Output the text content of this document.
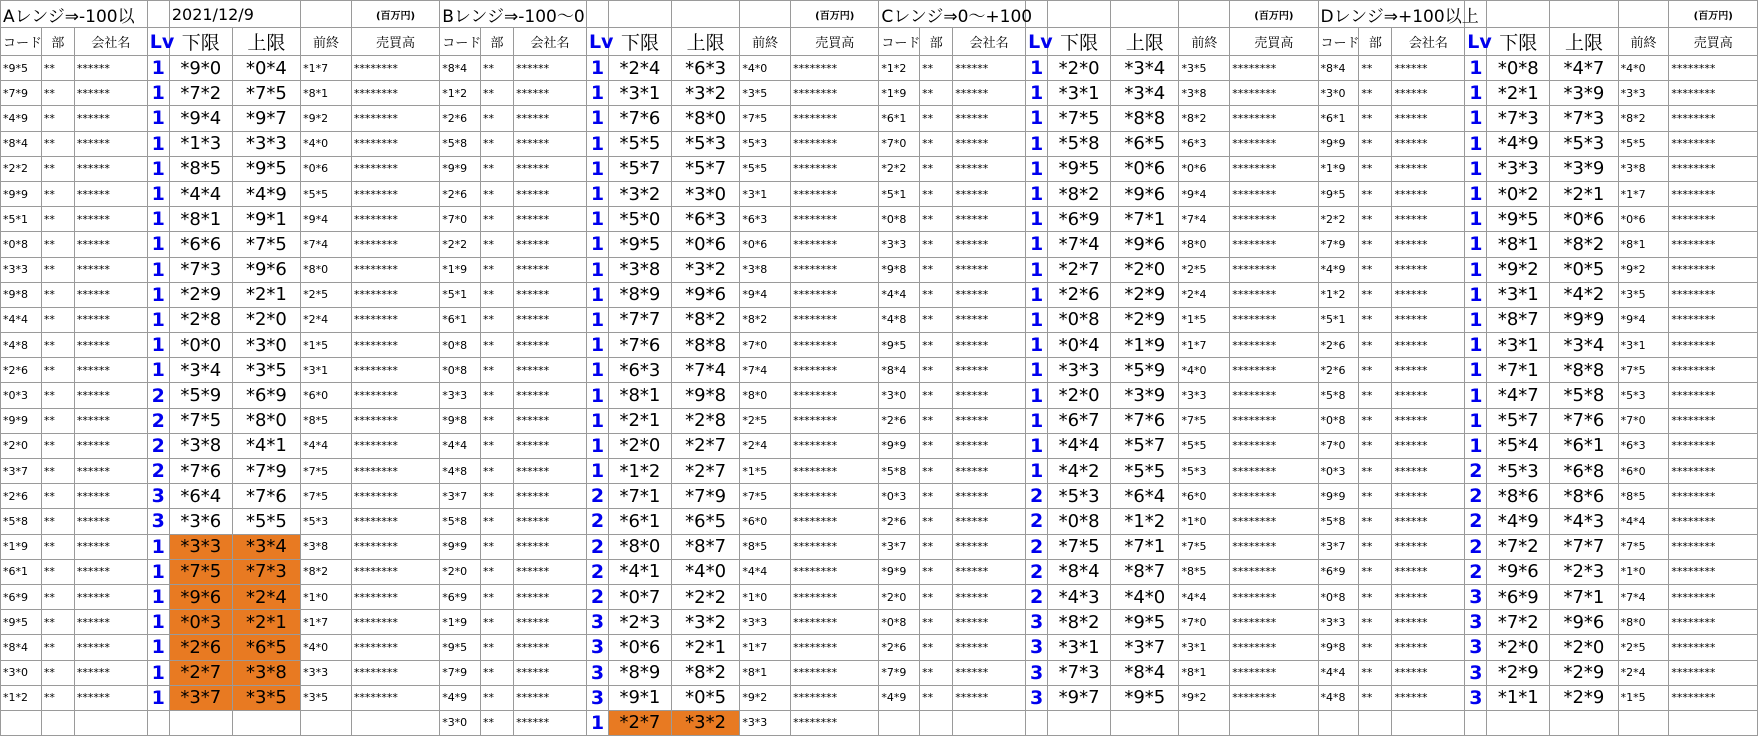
Aレンジ⇒-100以				2021/12/9			(百万円)	Bレンジ⇒-100〜0							(百万円)	Cレンジ⇒0〜+100							(百万円)	Dレンジ⇒+100以上							(百万円)
コード	部	会社名	Lv	下限	上限	前終	売買高	コード	部	会社名	Lv	下限	上限	前終	売買高	コード	部	会社名	Lv	下限	上限	前終	売買高	コード	部	会社名	Lv	下限	上限	前終	売買高
*9*5	**	******	1	*9*0	*0*4	*1*7	********	*8*4	**	******	1	*2*4	*6*3	*4*0	********	*1*2	**	******	1	*2*0	*3*4	*3*5	********	*8*4	**	******	1	*0*8	*4*7	*4*0	********
*7*9	**	******	1	*7*2	*7*5	*8*1	********	*1*2	**	******	1	*3*1	*3*2	*3*5	********	*1*9	**	******	1	*3*1	*3*4	*3*8	********	*3*0	**	******	1	*2*1	*3*9	*3*3	********
*4*9	**	******	1	*9*4	*9*7	*9*2	********	*2*6	**	******	1	*7*6	*8*0	*7*5	********	*6*1	**	******	1	*7*5	*8*8	*8*2	********	*6*1	**	******	1	*7*3	*7*3	*8*2	********
*8*4	**	******	1	*1*3	*3*3	*4*0	********	*5*8	**	******	1	*5*5	*5*3	*5*3	********	*7*0	**	******	1	*5*8	*6*5	*6*3	********	*9*9	**	******	1	*4*9	*5*3	*5*5	********
*2*2	**	******	1	*8*5	*9*5	*0*6	********	*9*9	**	******	1	*5*7	*5*7	*5*5	********	*2*2	**	******	1	*9*5	*0*6	*0*6	********	*1*9	**	******	1	*3*3	*3*9	*3*8	********
*9*9	**	******	1	*4*4	*4*9	*5*5	********	*2*6	**	******	1	*3*2	*3*0	*3*1	********	*5*1	**	******	1	*8*2	*9*6	*9*4	********	*9*5	**	******	1	*0*2	*2*1	*1*7	********
*5*1	**	******	1	*8*1	*9*1	*9*4	********	*7*0	**	******	1	*5*0	*6*3	*6*3	********	*0*8	**	******	1	*6*9	*7*1	*7*4	********	*2*2	**	******	1	*9*5	*0*6	*0*6	********
*0*8	**	******	1	*6*6	*7*5	*7*4	********	*2*2	**	******	1	*9*5	*0*6	*0*6	********	*3*3	**	******	1	*7*4	*9*6	*8*0	********	*7*9	**	******	1	*8*1	*8*2	*8*1	********
*3*3	**	******	1	*7*3	*9*6	*8*0	********	*1*9	**	******	1	*3*8	*3*2	*3*8	********	*9*8	**	******	1	*2*7	*2*0	*2*5	********	*4*9	**	******	1	*9*2	*0*5	*9*2	********
*9*8	**	******	1	*2*9	*2*1	*2*5	********	*5*1	**	******	1	*8*9	*9*6	*9*4	********	*4*4	**	******	1	*2*6	*2*9	*2*4	********	*1*2	**	******	1	*3*1	*4*2	*3*5	********
*4*4	**	******	1	*2*8	*2*0	*2*4	********	*6*1	**	******	1	*7*7	*8*2	*8*2	********	*4*8	**	******	1	*0*8	*2*9	*1*5	********	*5*1	**	******	1	*8*7	*9*9	*9*4	********
*4*8	**	******	1	*0*0	*3*0	*1*5	********	*0*8	**	******	1	*7*6	*8*8	*7*0	********	*9*5	**	******	1	*0*4	*1*9	*1*7	********	*2*6	**	******	1	*3*1	*3*4	*3*1	********
*2*6	**	******	1	*3*4	*3*5	*3*1	********	*0*8	**	******	1	*6*3	*7*4	*7*4	********	*8*4	**	******	1	*3*3	*5*9	*4*0	********	*2*6	**	******	1	*7*1	*8*8	*7*5	********
*0*3	**	******	2	*5*9	*6*9	*6*0	********	*3*3	**	******	1	*8*1	*9*8	*8*0	********	*3*0	**	******	1	*2*0	*3*9	*3*3	********	*5*8	**	******	1	*4*7	*5*8	*5*3	********
*9*9	**	******	2	*7*5	*8*0	*8*5	********	*9*8	**	******	1	*2*1	*2*8	*2*5	********	*2*6	**	******	1	*6*7	*7*6	*7*5	********	*0*8	**	******	1	*5*7	*7*6	*7*0	********
*2*0	**	******	2	*3*8	*4*1	*4*4	********	*4*4	**	******	1	*2*0	*2*7	*2*4	********	*9*9	**	******	1	*4*4	*5*7	*5*5	********	*7*0	**	******	1	*5*4	*6*1	*6*3	********
*3*7	**	******	2	*7*6	*7*9	*7*5	********	*4*8	**	******	1	*1*2	*2*7	*1*5	********	*5*8	**	******	1	*4*2	*5*5	*5*3	********	*0*3	**	******	2	*5*3	*6*8	*6*0	********
*2*6	**	******	3	*6*4	*7*6	*7*5	********	*3*7	**	******	2	*7*1	*7*9	*7*5	********	*0*3	**	******	2	*5*3	*6*4	*6*0	********	*9*9	**	******	2	*8*6	*8*6	*8*5	********
*5*8	**	******	3	*3*6	*5*5	*5*3	********	*5*8	**	******	2	*6*1	*6*5	*6*0	********	*2*6	**	******	2	*0*8	*1*2	*1*0	********	*5*8	**	******	2	*4*9	*4*3	*4*4	********
*1*9	**	******	1	*3*3	*3*4	*3*8	********	*9*9	**	******	2	*8*0	*8*7	*8*5	********	*3*7	**	******	2	*7*5	*7*1	*7*5	********	*3*7	**	******	2	*7*2	*7*7	*7*5	********
*6*1	**	******	1	*7*5	*7*3	*8*2	********	*2*0	**	******	2	*4*1	*4*0	*4*4	********	*9*9	**	******	2	*8*4	*8*7	*8*5	********	*6*9	**	******	2	*9*6	*2*3	*1*0	********
*6*9	**	******	1	*9*6	*2*4	*1*0	********	*6*9	**	******	2	*0*7	*2*2	*1*0	********	*2*0	**	******	2	*4*3	*4*0	*4*4	********	*0*8	**	******	3	*6*9	*7*1	*7*4	********
*9*5	**	******	1	*0*3	*2*1	*1*7	********	*1*9	**	******	3	*2*3	*3*2	*3*3	********	*0*8	**	******	3	*8*2	*9*5	*7*0	********	*3*3	**	******	3	*7*2	*9*6	*8*0	********
*8*4	**	******	1	*2*6	*6*5	*4*0	********	*9*5	**	******	3	*0*6	*2*1	*1*7	********	*2*6	**	******	3	*3*1	*3*7	*3*1	********	*9*8	**	******	3	*2*0	*2*0	*2*5	********
*3*0	**	******	1	*2*7	*3*8	*3*3	********	*7*9	**	******	3	*8*9	*8*2	*8*1	********	*7*9	**	******	3	*7*3	*8*4	*8*1	********	*4*4	**	******	3	*2*9	*2*9	*2*4	********
*1*2	**	******	1	*3*7	*3*5	*3*5	********	*4*9	**	******	3	*9*1	*0*5	*9*2	********	*4*9	**	******	3	*9*7	*9*5	*9*2	********	*4*8	**	******	3	*1*1	*2*9	*1*5	********
								*3*0	**	******	1	*2*7	*3*2	*3*3	********																
